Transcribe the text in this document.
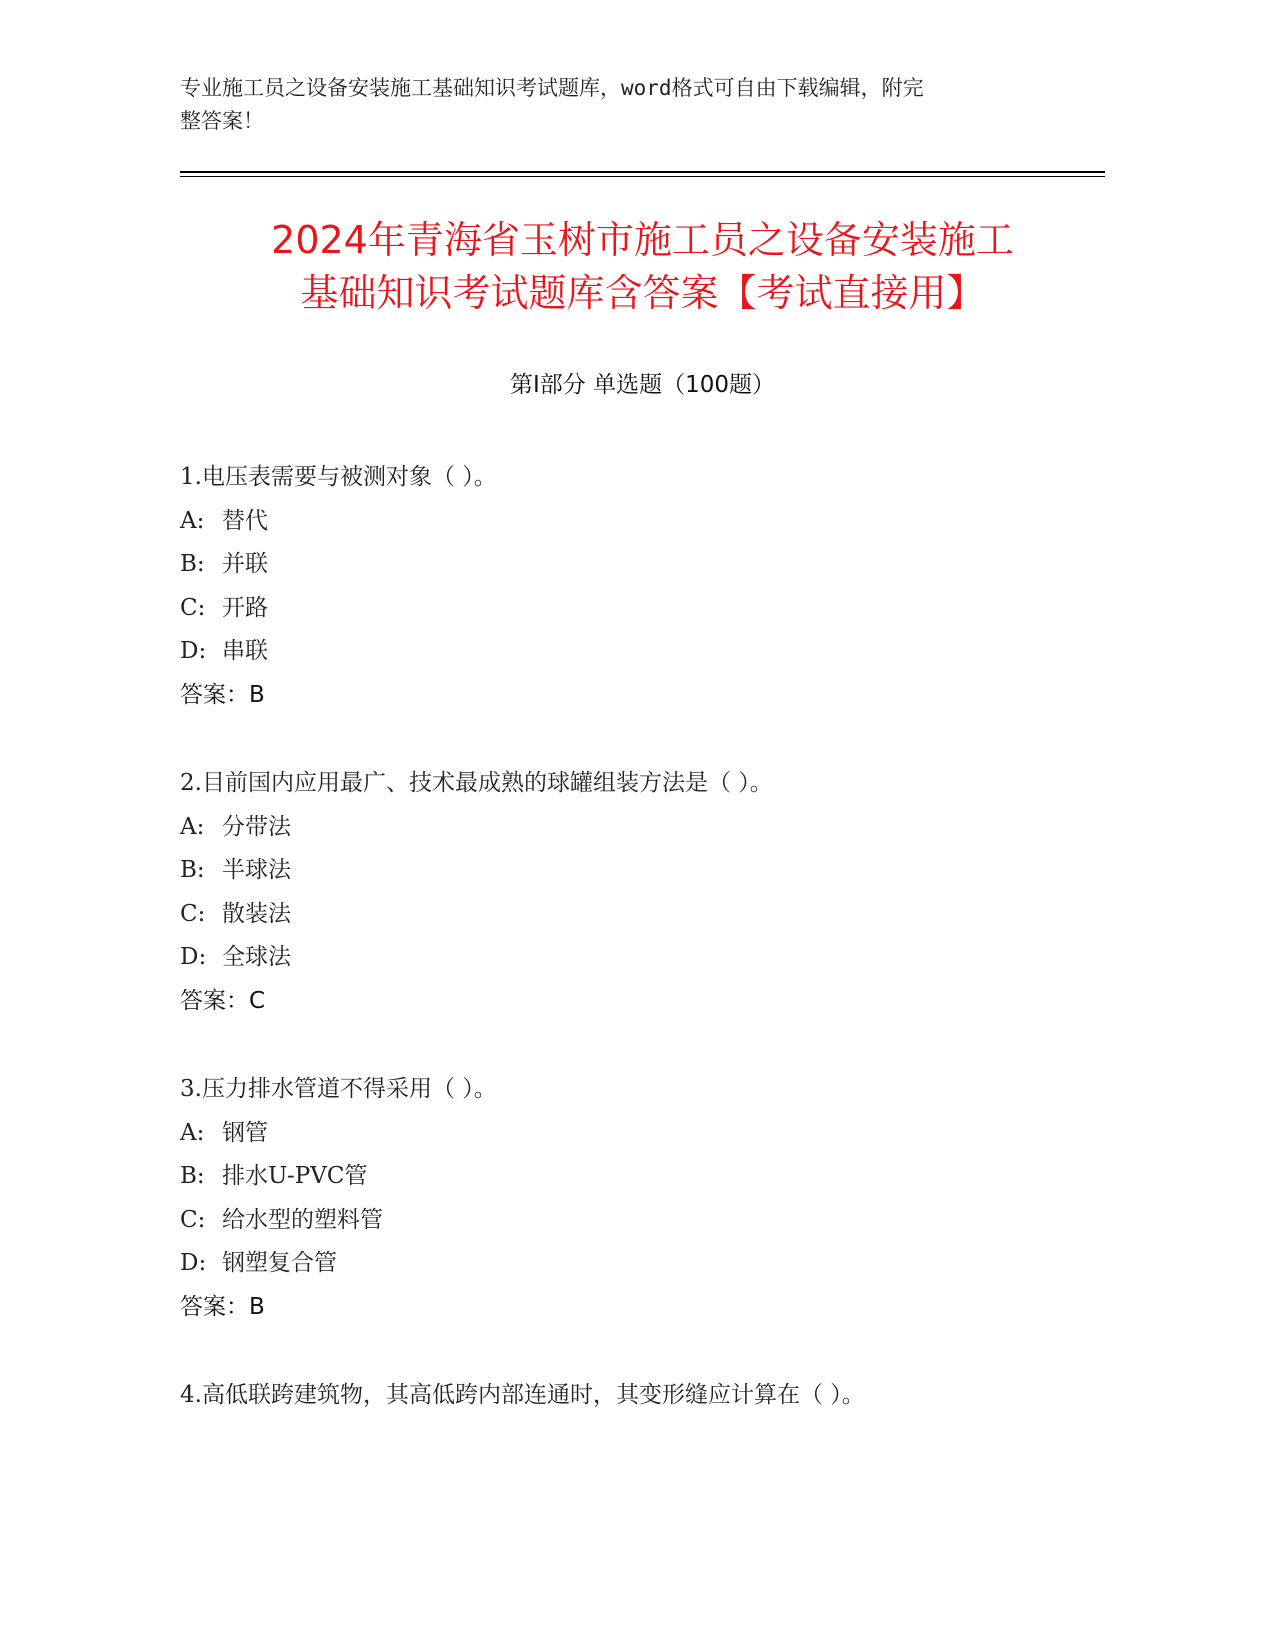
专业施工员之设备安装施工基础知识考试题库，word格式可自由下载编辑，附完
整答案！
2024年青海省玉树市施工员之设备安装施工
基础知识考试题库含答案【考试直接用】
第Ⅰ部分 单选题（100题）
1.电压表需要与被测对象（ ）。
A: 替代
B: 并联
C: 开路
D: 串联
答案：B
2.目前国内应用最广、技术最成熟的球罐组装方法是（ ）。
A: 分带法
B: 半球法
C: 散装法
D: 全球法
答案：C
3.压力排水管道不得采用（ ）。
A: 钢管
B: 排水U-PVC管
C: 给水型的塑料管
D: 钢塑复合管
答案：B
4.高低联跨建筑物，其高低跨内部连通时，其变形缝应计算在（ ）。
